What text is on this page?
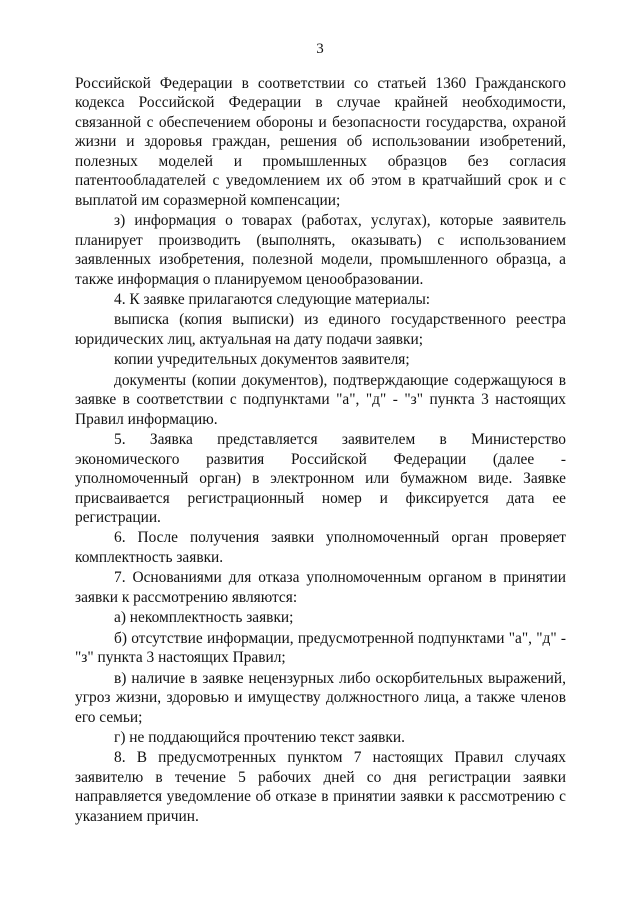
3

Российской Федерации в соответствии со статьей 1360 Гражданского кодекса Российской Федерации в случае крайней необходимости, связанной с обеспечением обороны и безопасности государства, охраной жизни и здоровья граждан, решения об использовании изобретений, полезных моделей и промышленных образцов без согласия патентообладателей с уведомлением их об этом в кратчайший срок и с выплатой им соразмерной компенсации;

з) информация о товарах (работах, услугах), которые заявитель планирует производить (выполнять, оказывать) с использованием заявленных изобретения, полезной модели, промышленного образца, а также информация о планируемом ценообразовании.

4. К заявке прилагаются следующие материалы:

выписка (копия выписки) из единого государственного реестра юридических лиц, актуальная на дату подачи заявки;

копии учредительных документов заявителя;

документы (копии документов), подтверждающие содержащуюся в заявке в соответствии с подпунктами "а", "д" - "з" пункта 3 настоящих Правил информацию.

5. Заявка представляется заявителем в Министерство экономического развития Российской Федерации (далее - уполномоченный орган) в электронном или бумажном виде. Заявке присваивается регистрационный номер и фиксируется дата ее регистрации.

6. После получения заявки уполномоченный орган проверяет комплектность заявки.

7. Основаниями для отказа уполномоченным органом в принятии заявки к рассмотрению являются:

а) некомплектность заявки;

б) отсутствие информации, предусмотренной подпунктами "а", "д" - "з" пункта 3 настоящих Правил;

в) наличие в заявке нецензурных либо оскорбительных выражений, угроз жизни, здоровью и имуществу должностного лица, а также членов его семьи;

г) не поддающийся прочтению текст заявки.

8. В предусмотренных пунктом 7 настоящих Правил случаях заявителю в течение 5 рабочих дней со дня регистрации заявки направляется уведомление об отказе в принятии заявки к рассмотрению с указанием причин.
